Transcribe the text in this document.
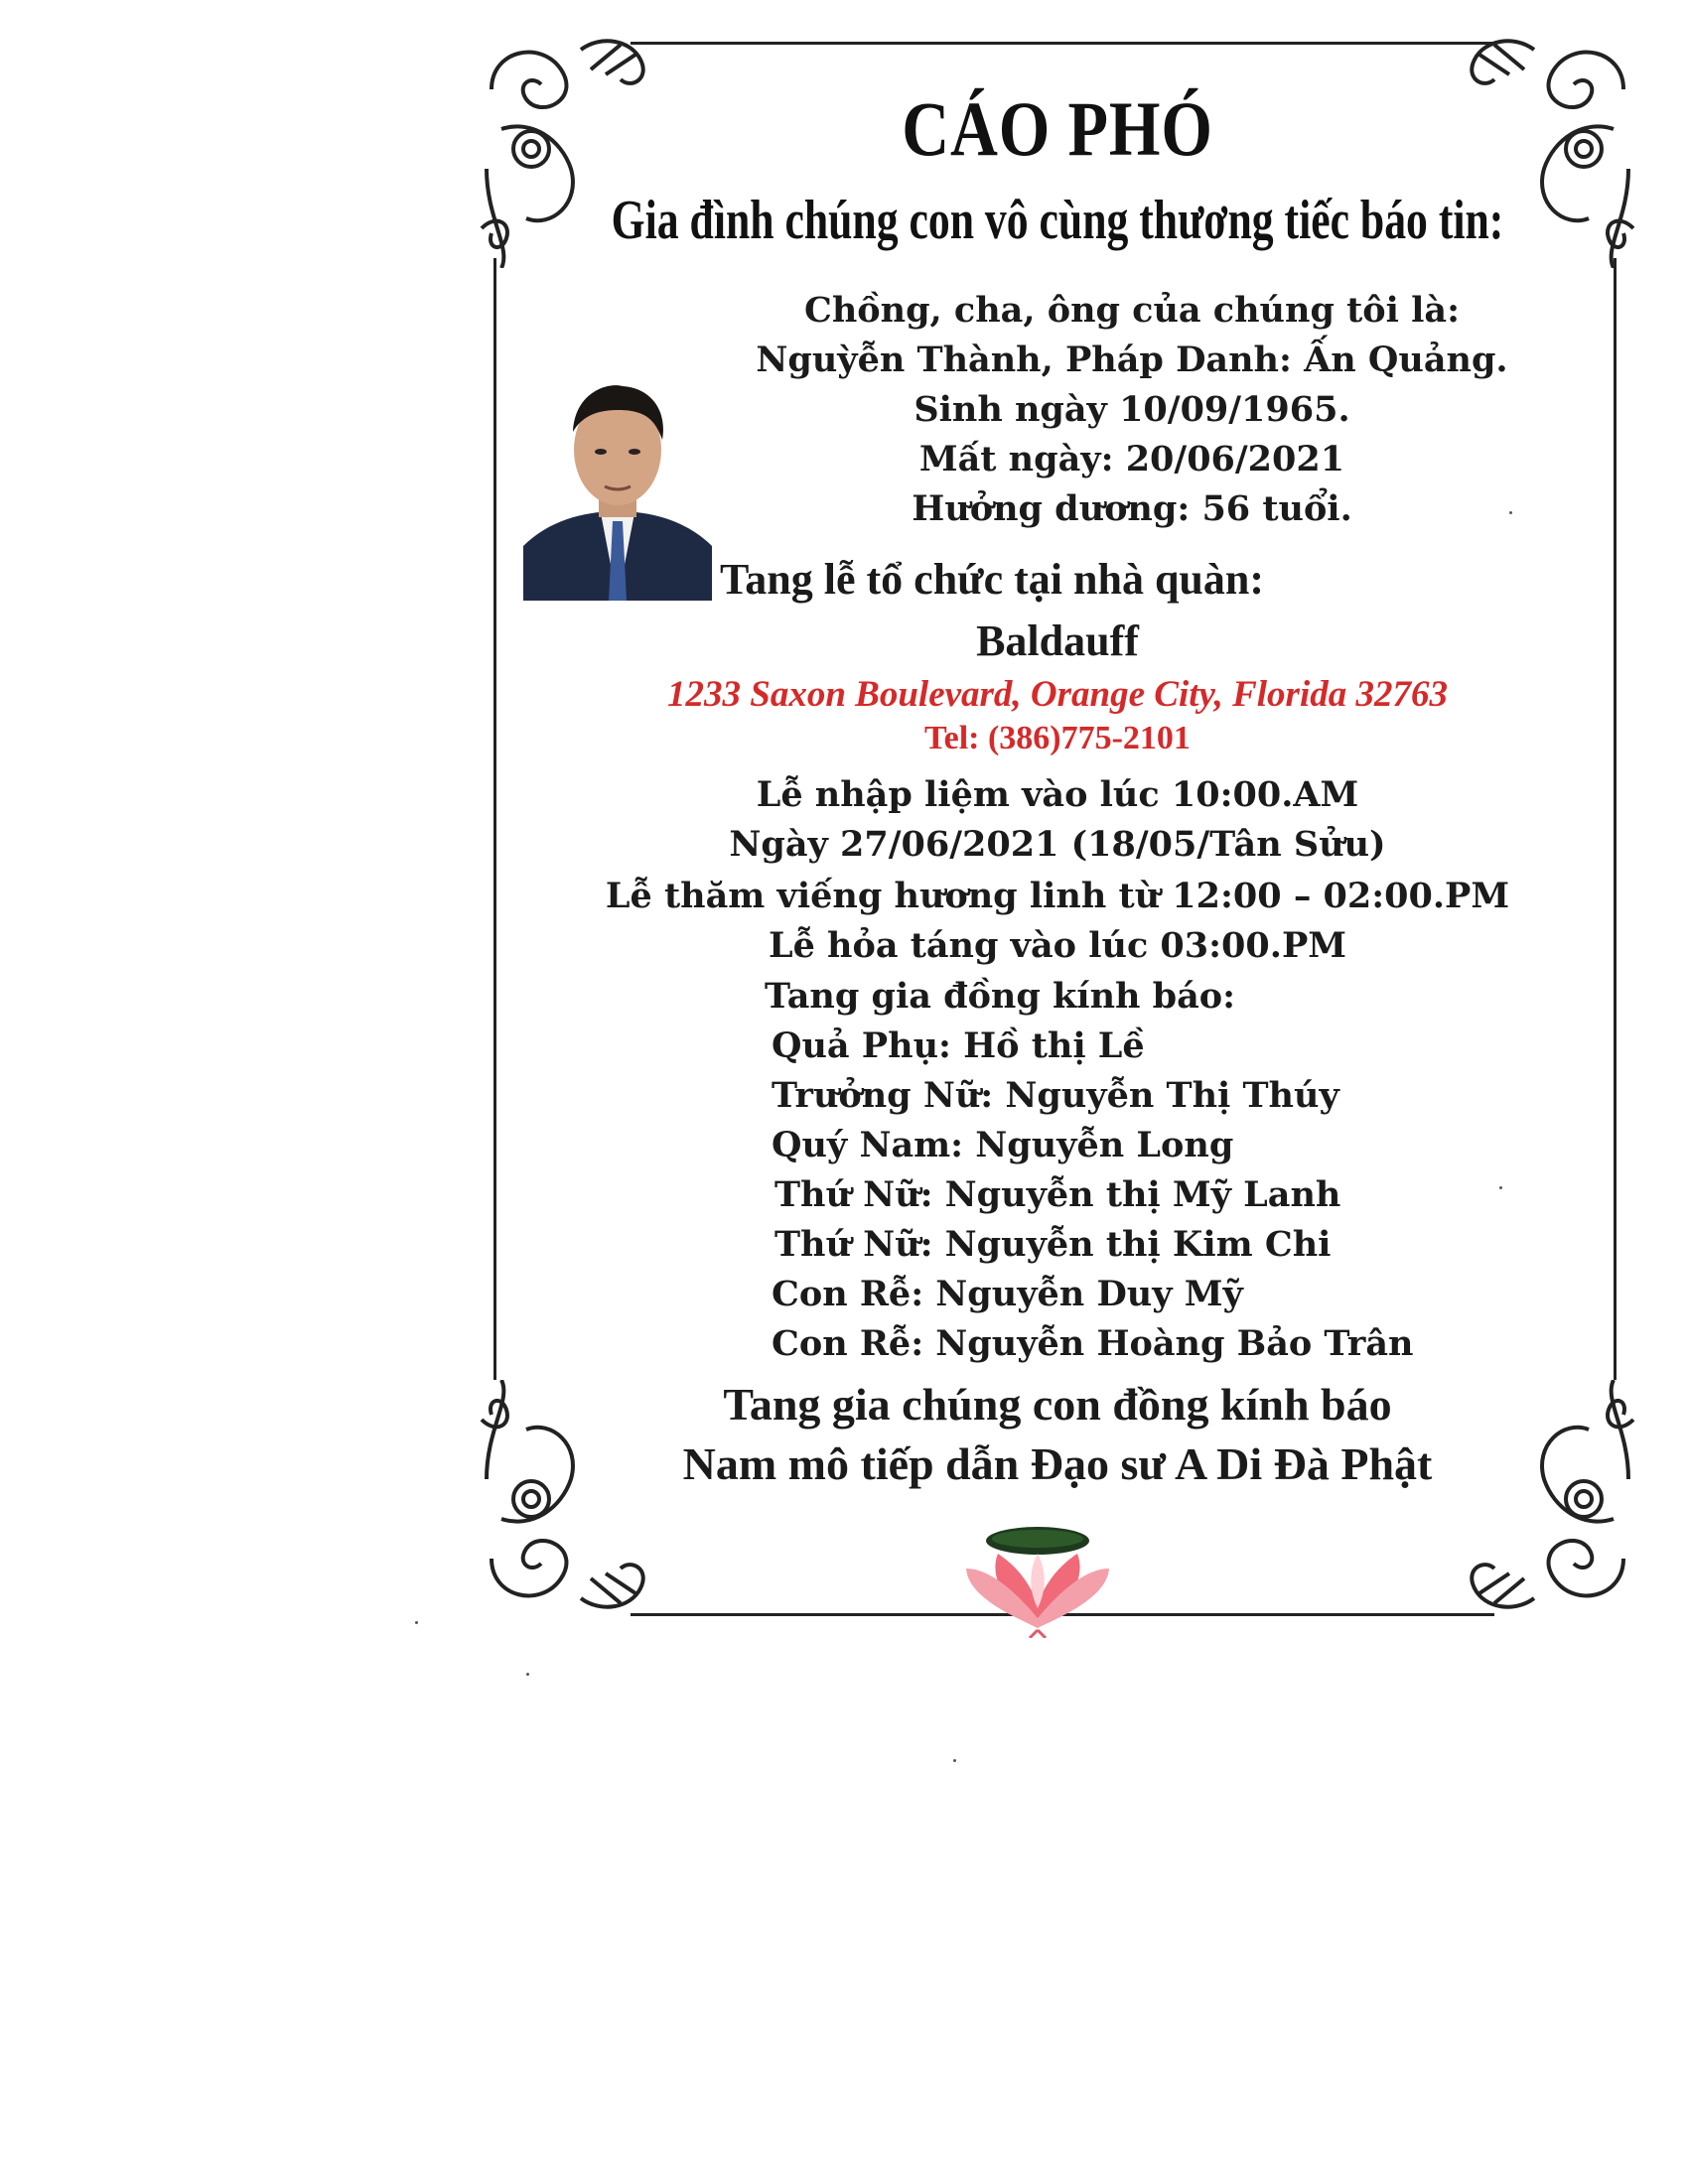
CÁO PHÓ
Gia đình chúng con vô cùng thương tiếc báo tin:
Chồng, cha, ông của chúng tôi là:
Nguỳễn Thành, Pháp Danh: Ấn Quảng.
Sinh ngày 10/09/1965.
Mất ngày: 20/06/2021
Hưởng dương: 56 tuổi.
Tang lễ tổ chức tại nhà quàn:
Baldauff
1233 Saxon Boulevard, Orange City, Florida 32763
Tel: (386)775-2101
Lễ nhập liệm vào lúc 10:00.AM
Ngày 27/06/2021 (18/05/Tân Sửu)
Lễ thăm viếng hương linh từ 12:00 – 02:00.PM
Lễ hỏa táng vào lúc 03:00.PM
Tang gia đồng kính báo:
Quả Phụ: Hồ thị Lề
Trưởng Nữ: Nguyễn Thị Thúy
Quý Nam: Nguyễn Long
Thứ Nữ: Nguyễn thị Mỹ Lanh
Thứ Nữ: Nguyễn thị Kim Chi
Con Rễ: Nguyễn Duy Mỹ
Con Rễ: Nguyễn Hoàng Bảo Trân
Tang gia chúng con đồng kính báo
Nam mô tiếp dẫn Đạo sư A Di Đà Phật
